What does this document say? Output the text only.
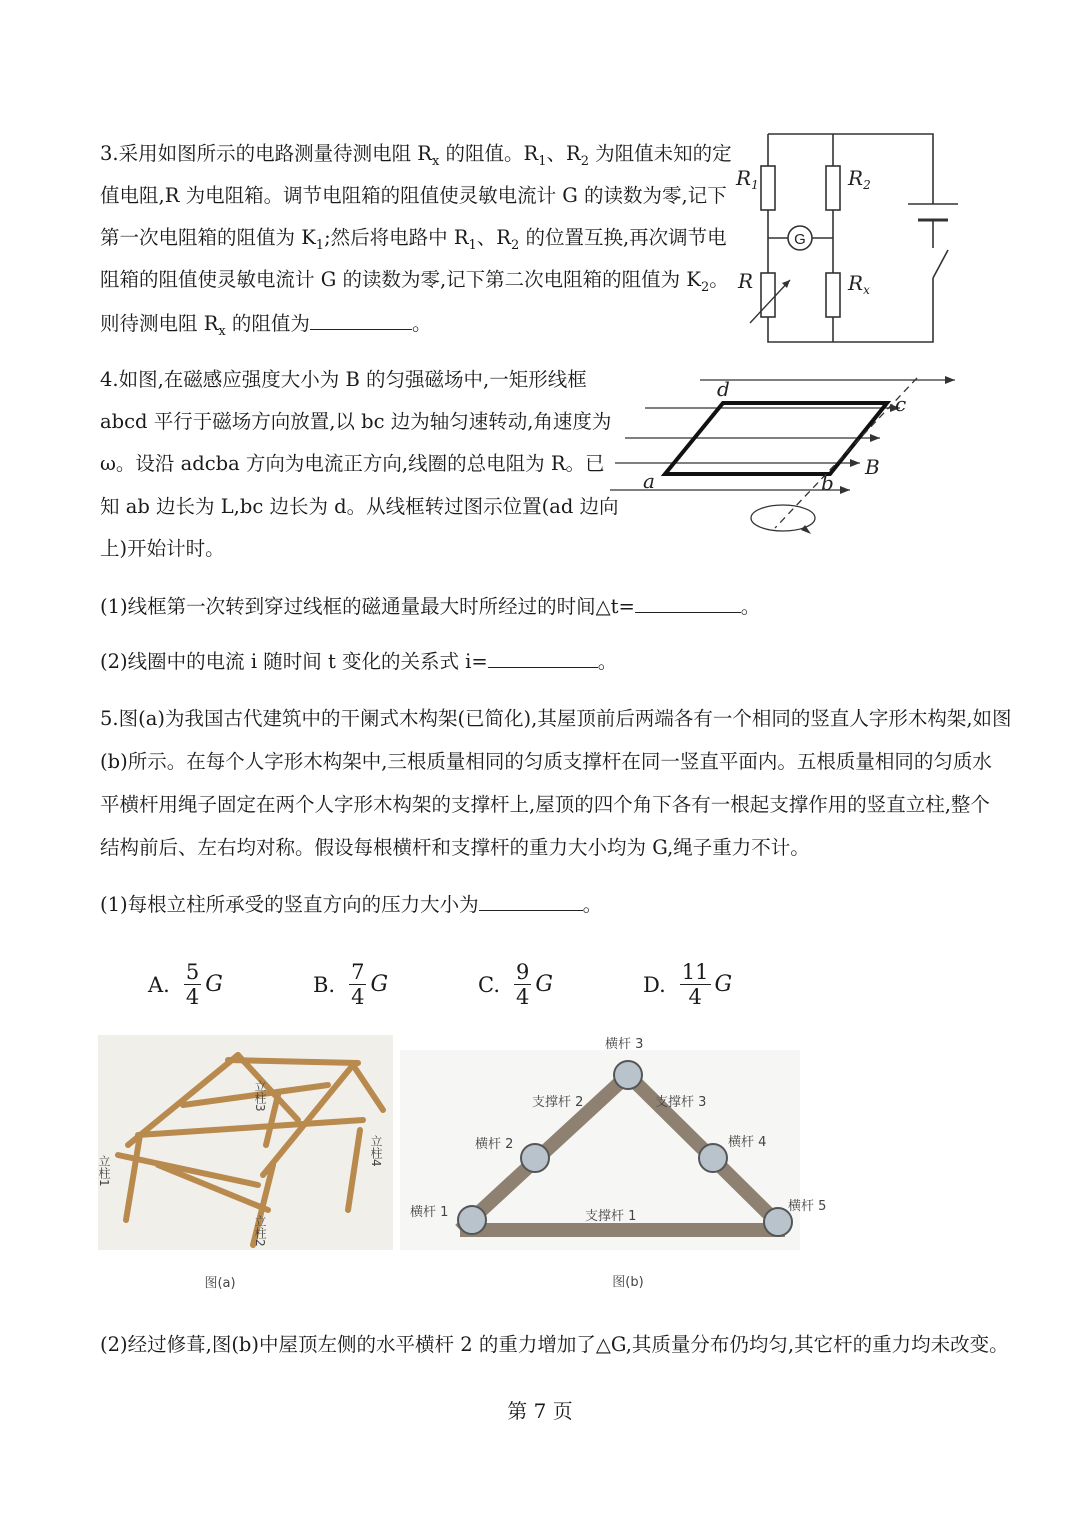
3.采用如图所示的电路测量待测电阻 $R_x$ 的阻值。$R_1$、$R_2$ 为阻值未知的定

值电阻,R 为电阻箱。调节电阻箱的阻值使灵敏电流计 G 的读数为零,记下

第一次电阻箱的阻值为 $K_1$;然后将电路中 $R_1$、$R_2$ 的位置互换,再次调节电

阻箱的阻值使灵敏电流计 G 的读数为零,记下第二次电阻箱的阻值为 $K_2$。

则待测电阻 $R_x$ 的阻值为	。

G
$R_1$	$R_2$
R	$R_x$

4.如图,在磁感应强度大小为 B 的匀强磁场中,一矩形线框

abcd 平行于磁场方向放置,以 bc 边为轴匀速转动,角速度为

ω。设沿 adcba 方向为电流正方向,线圈的总电阻为 R。已

知 ab 边长为 L,bc 边长为 d。从线框转过图示位置(ad 边向

上)开始计时。

a	b
c
d
B

(1)线框第一次转到穿过线框的磁通量最大时所经过的时间△t=	。

(2)线圈中的电流 i 随时间 t 变化的关系式 i=	。

5.图(a)为我国古代建筑中的干阑式木构架(已简化),其屋顶前后两端各有一个相同的竖直人字形木构架,如图

(b)所示。在每个人字形木构架中,三根质量相同的匀质支撑杆在同一竖直平面内。五根质量相同的匀质水

平横杆用绳子固定在两个人字形木构架的支撑杆上,屋顶的四个角下各有一根起支撑作用的竖直立柱,整个

结构前后、左右均对称。假设每根横杆和支撑杆的重力大小均为 G,绳子重力不计。

(1)每根立柱所承受的竖直方向的压力大小为	。

A. $\frac{5}{4}$ G	B. $\frac{7}{4}$ G	C. $\frac{9}{4}$ G	D. $\frac{11}{4}$ G
立柱1
立柱2
立柱3
立柱4
图(a)
横杆 1
横杆 2
横杆 3
横杆 4
横杆 5
支撑杆 1
支撑杆 2	支撑杆 3
图(b)

(2)经过修葺,图(b)中屋顶左侧的水平横杆 2 的重力增加了△G,其质量分布仍均匀,其它杆的重力均未改变。

第 7 页
